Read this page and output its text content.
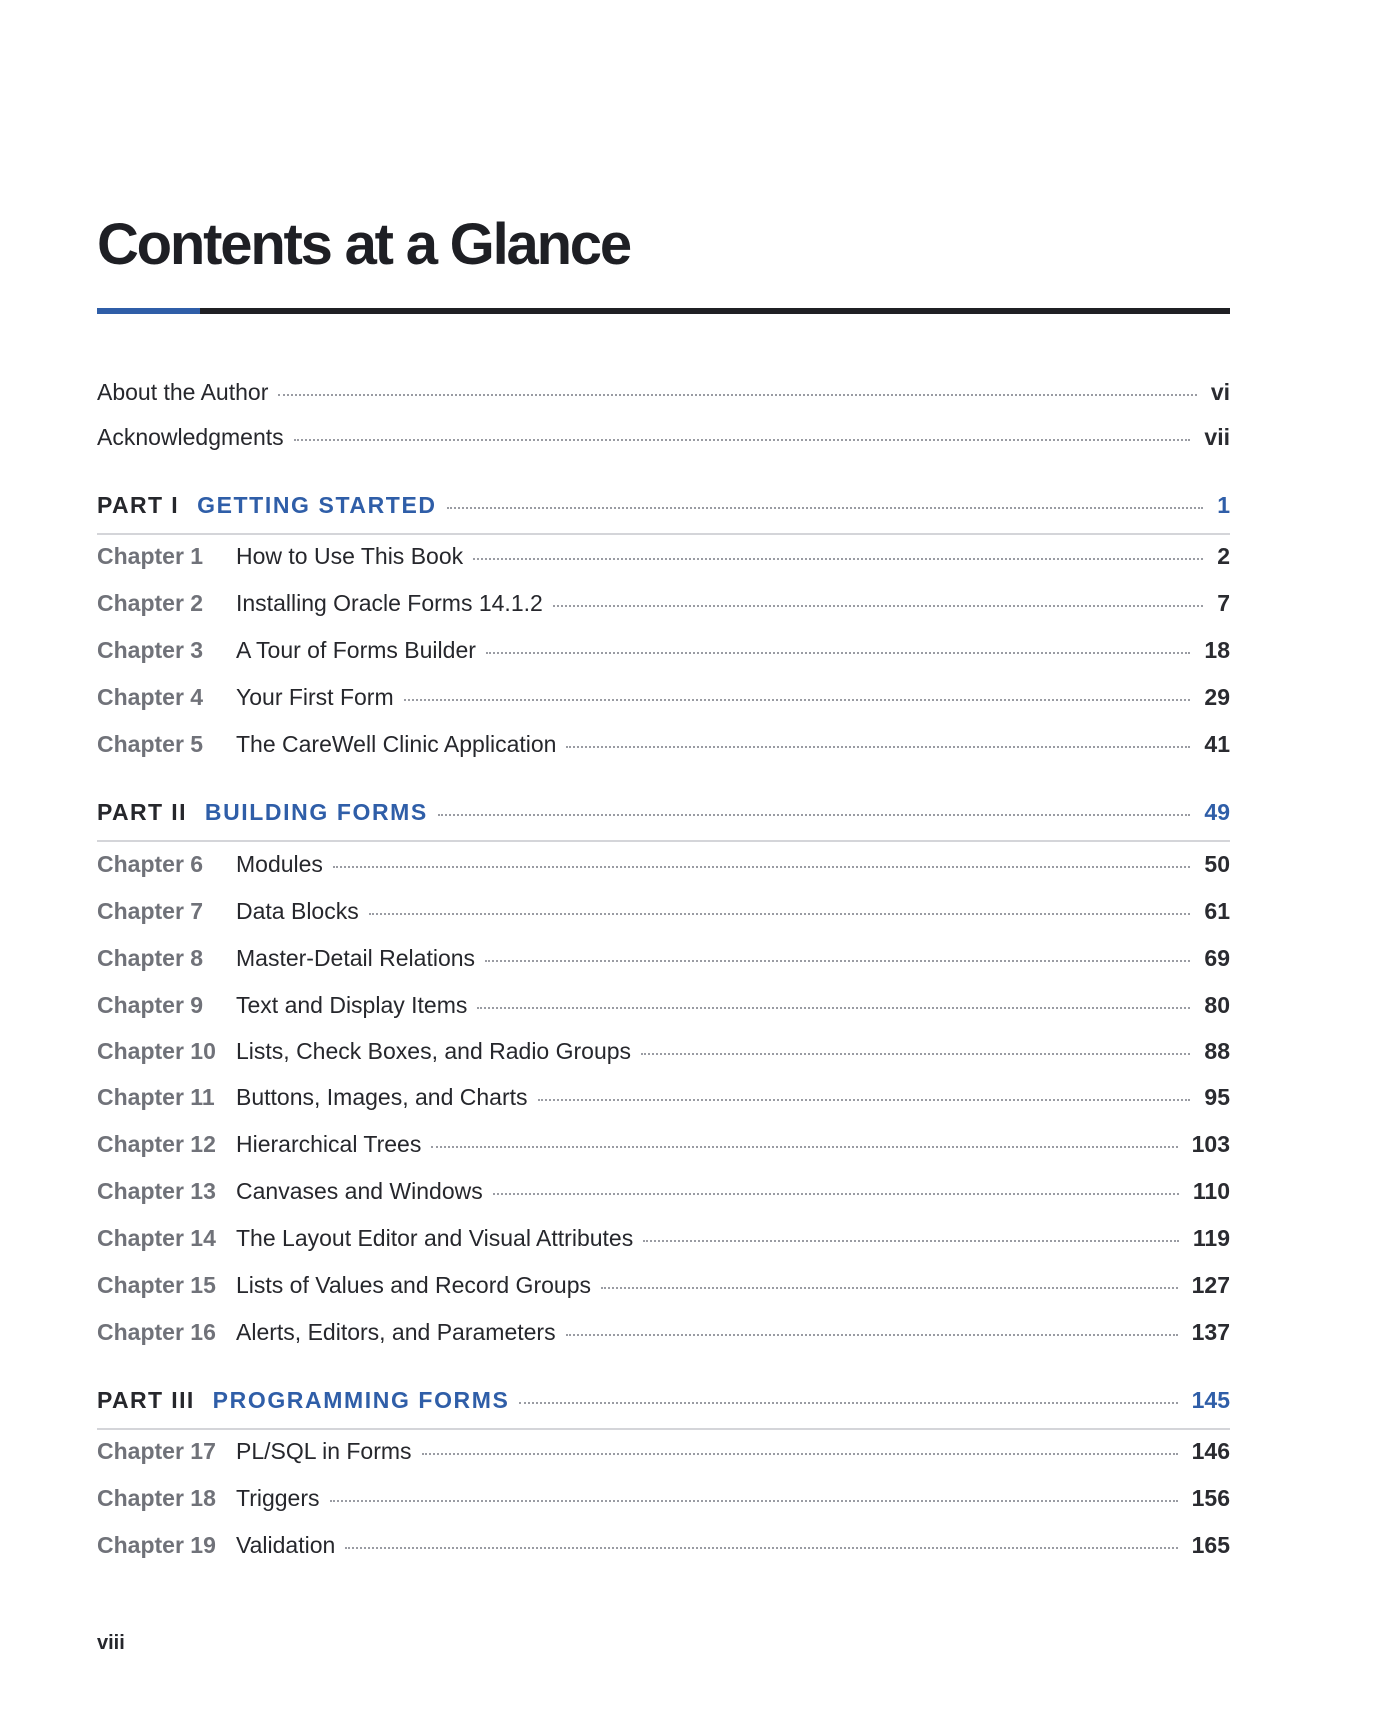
Contents at a Glance
About the Author	vi
Acknowledgments	vii
PART I GETTING STARTED	1
Chapter 1	How to Use This Book	2
Chapter 2	Installing Oracle Forms 14.1.2	7
Chapter 3	A Tour of Forms Builder	18
Chapter 4	Your First Form	29
Chapter 5	The CareWell Clinic Application	41
PART II BUILDING FORMS	49
Chapter 6	Modules	50
Chapter 7	Data Blocks	61
Chapter 8	Master-Detail Relations	69
Chapter 9	Text and Display Items	80
Chapter 10 Lists, Check Boxes, and Radio Groups	88
Chapter 11 Buttons, Images, and Charts	95
Chapter 12 Hierarchical Trees	103
Chapter 13 Canvases and Windows	110
Chapter 14 The Layout Editor and Visual Attributes	119
Chapter 15 Lists of Values and Record Groups	127
Chapter 16 Alerts, Editors, and Parameters	137
PART III PROGRAMMING FORMS	145
Chapter 17 PL/SQL in Forms	146
Chapter 18 Triggers	156
Chapter 19 Validation	165
viii
